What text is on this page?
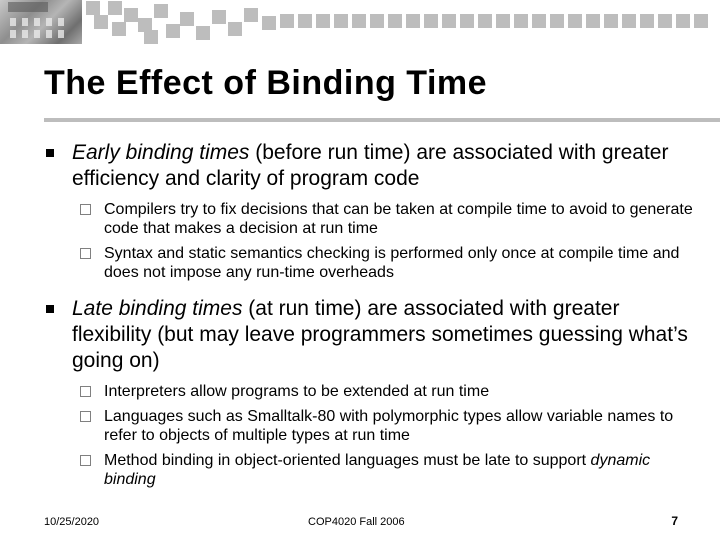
The Effect of Binding Time
Early binding times (before run time) are associated with greater efficiency and clarity of program code
Compilers try to fix decisions that can be taken at compile time to avoid to generate code that makes a decision at run time
Syntax and static semantics checking is performed only once at compile time and does not impose any run-time overheads
Late binding times (at run time) are associated with greater flexibility (but may leave programmers sometimes guessing what’s going on)
Interpreters allow programs to be extended at run time
Languages such as Smalltalk-80 with polymorphic types allow variable names to refer to objects of multiple types at run time
Method binding in object-oriented languages must be late to support dynamic binding
10/25/2020	COP4020 Fall 2006	7
